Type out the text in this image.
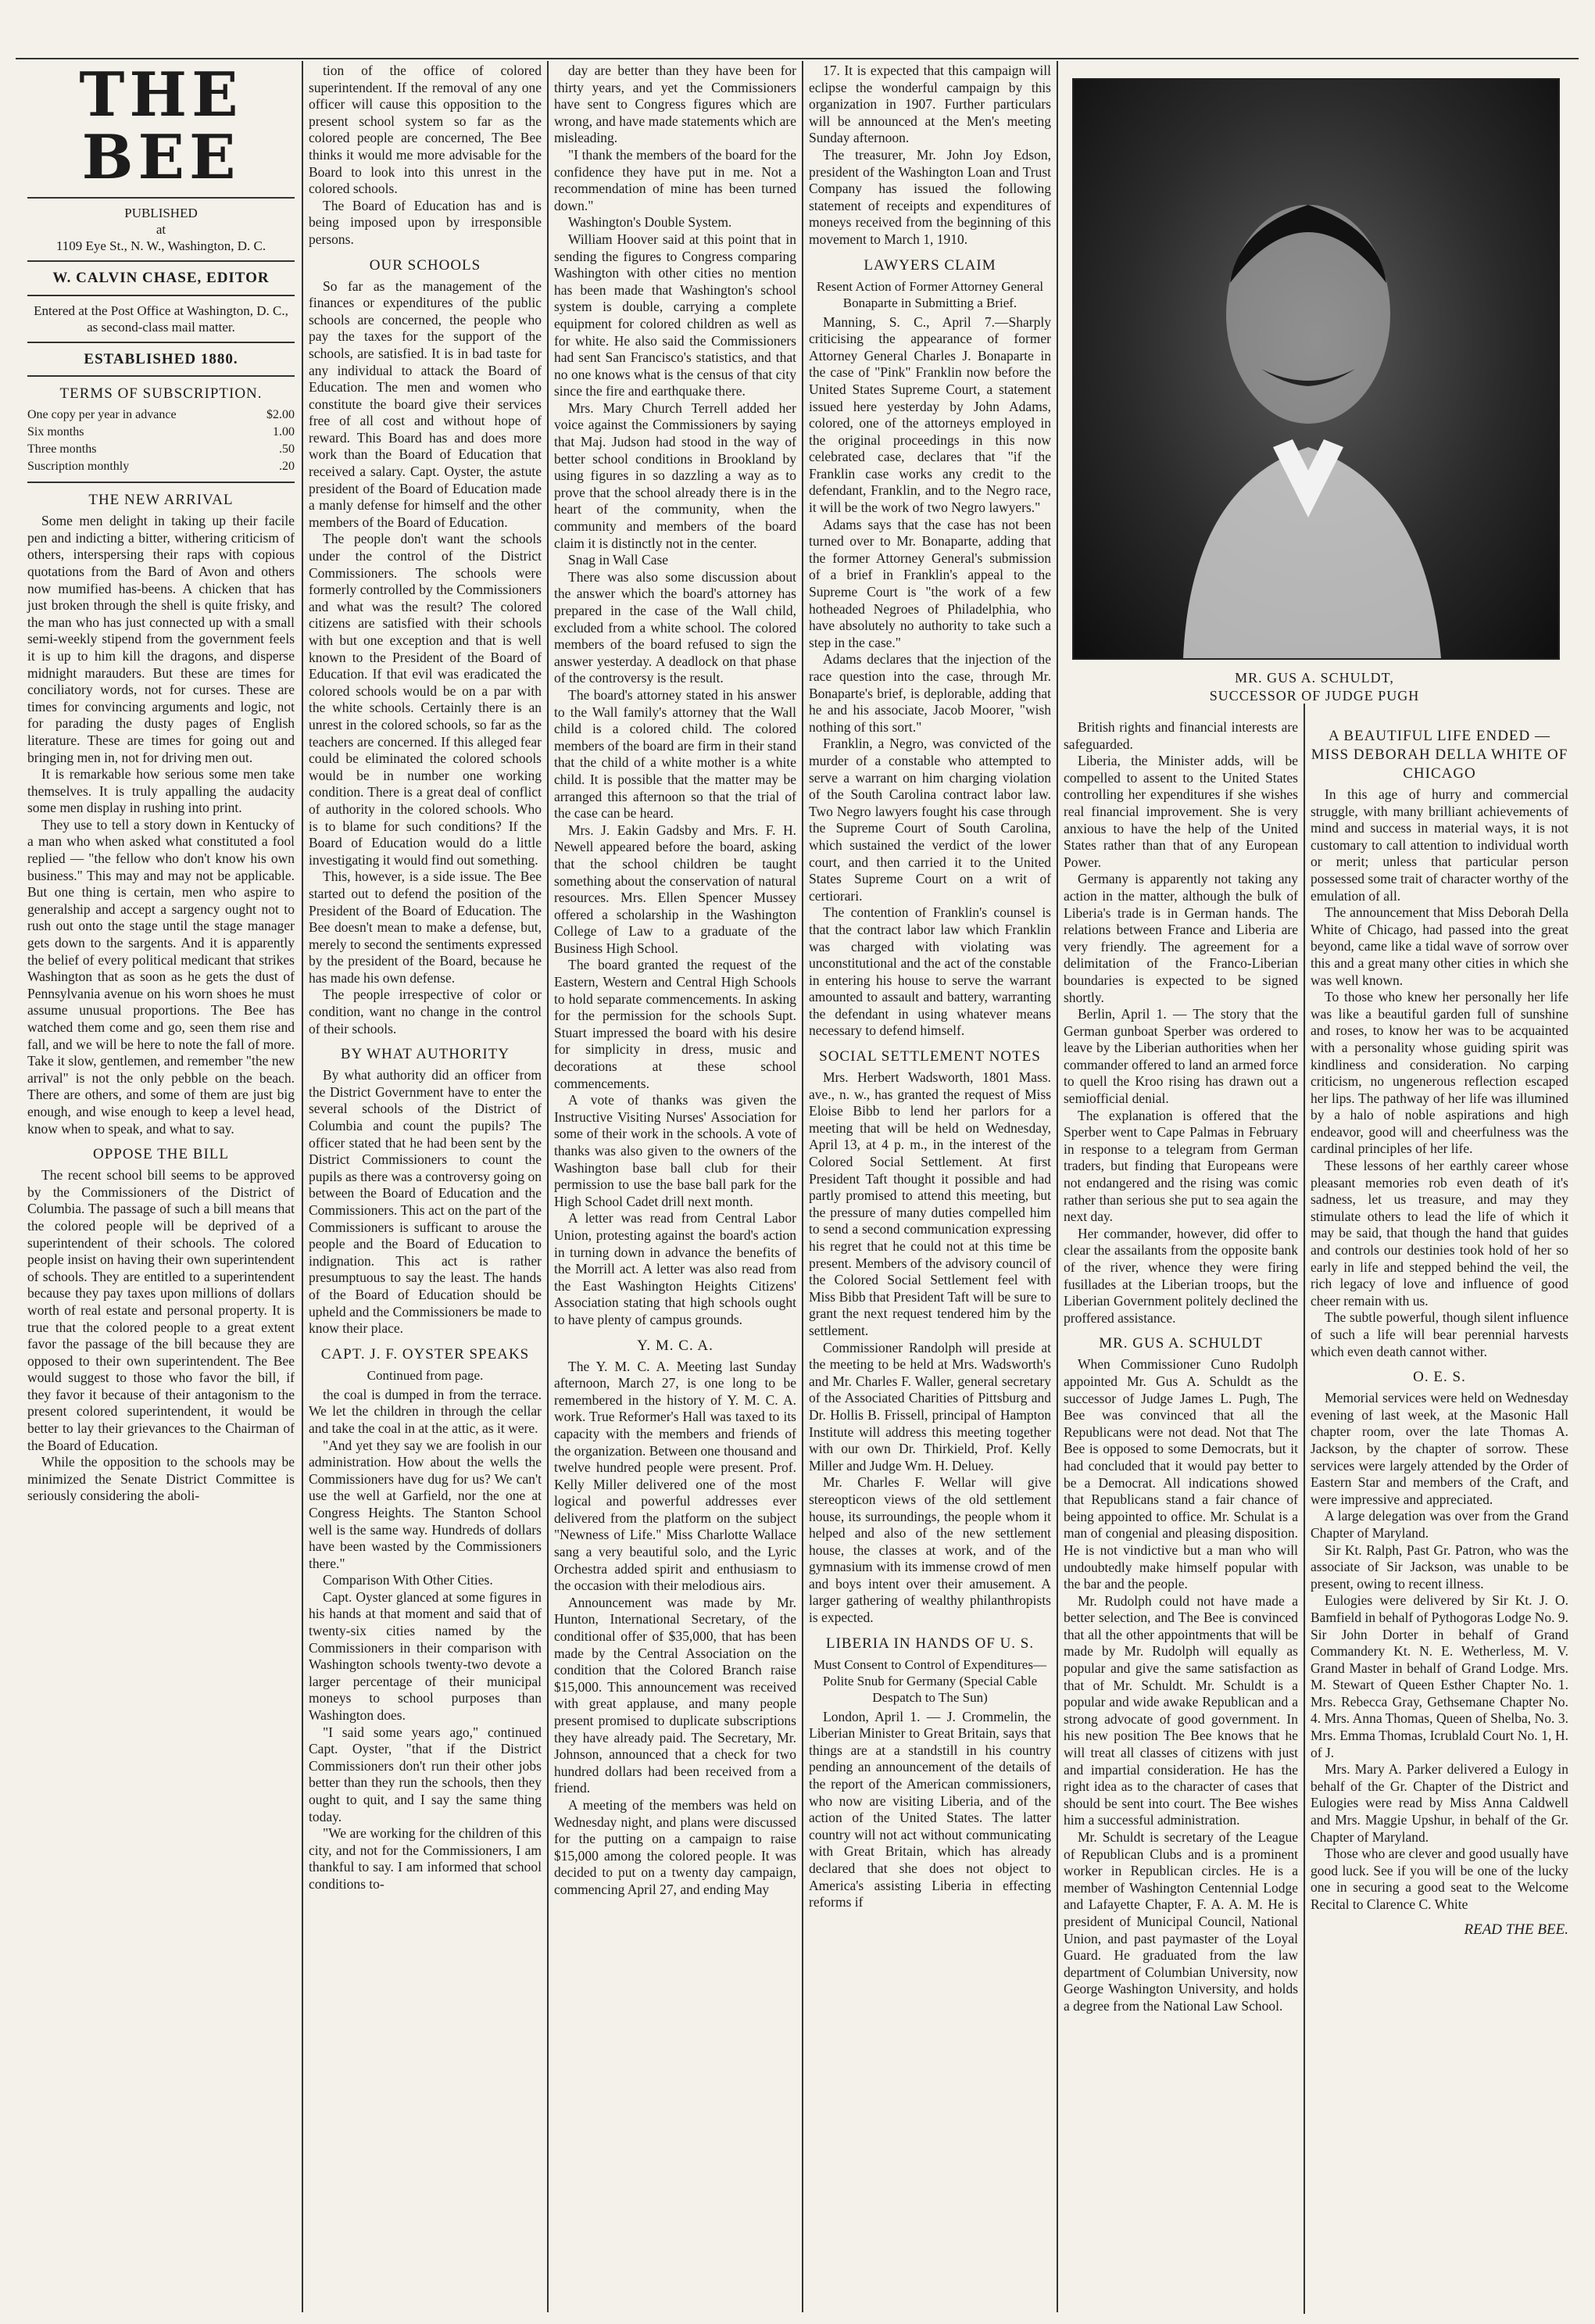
THE BEE
PUBLISHED
at
1109 Eye St., N. W., Washington, D. C.
W. CALVIN CHASE, EDITOR
Entered at the Post Office at Washington, D. C., as second-class mail matter.
ESTABLISHED 1880.
TERMS OF SUBSCRIPTION.
One copy per year in advance	$2.00
Six months	1.00
Three months	.50
Suscription monthly	.20
THE NEW ARRIVAL

Some men delight in taking up their facile pen and indicting a bitter, withering criticism of others, interspersing their raps with copious quotations from the Bard of Avon and others now mumified has-beens. A chicken that has just broken through the shell is quite frisky, and the man who has just connected up with a small semi-weekly stipend from the government feels it is up to him kill the dragons, and disperse midnight marauders. But these are times for conciliatory words, not for curses. These are times for convincing arguments and logic, not for parading the dusty pages of English literature. These are times for going out and bringing men in, not for driving men out.

It is remarkable how serious some men take themselves. It is truly appalling the audacity some men display in rushing into print.

They use to tell a story down in Kentucky of a man who when asked what constituted a fool replied — "the fellow who don't know his own business." This may and may not be applicable. But one thing is certain, men who aspire to generalship and accept a sargency ought not to rush out onto the stage until the stage manager gets down to the sargents. And it is apparently the belief of every political medicant that strikes Washington that as soon as he gets the dust of Pennsylvania avenue on his worn shoes he must assume unusual proportions. The Bee has watched them come and go, seen them rise and fall, and we will be here to note the fall of more. Take it slow, gentlemen, and remember "the new arrival" is not the only pebble on the beach. There are others, and some of them are just big enough, and wise enough to keep a level head, know when to speak, and what to say.

OPPOSE THE BILL

The recent school bill seems to be approved by the Commissioners of the District of Columbia. The passage of such a bill means that the colored people will be deprived of a superintendent of their schools. The colored people insist on having their own superintendent of schools. They are entitled to a superintendent because they pay taxes upon millions of dollars worth of real estate and personal property. It is true that the colored people to a great extent favor the passage of the bill because they are opposed to their own superintendent. The Bee would suggest to those who favor the bill, if they favor it because of their antagonism to the present colored superintendent, it would be better to lay their grievances to the Chairman of the Board of Education.

While the opposition to the schools may be minimized the Senate District Committee is seriously considering the aboli-

tion of the office of colored superintendent. If the removal of any one officer will cause this opposition to the present school system so far as the colored people are concerned, The Bee thinks it would me more advisable for the Board to look into this unrest in the colored schools.

The Board of Education has and is being imposed upon by irresponsible persons.

OUR SCHOOLS

So far as the management of the finances or expenditures of the public schools are concerned, the people who pay the taxes for the support of the schools, are satisfied. It is in bad taste for any individual to attack the Board of Education. The men and women who constitute the board give their services free of all cost and without hope of reward. This Board has and does more work than the Board of Education that received a salary. Capt. Oyster, the astute president of the Board of Education made a manly defense for himself and the other members of the Board of Education.

The people don't want the schools under the control of the District Commissioners. The schools were formerly controlled by the Commissioners and what was the result? The colored citizens are satisfied with their schools with but one exception and that is well known to the President of the Board of Education. If that evil was eradicated the colored schools would be on a par with the white schools. Certainly there is an unrest in the colored schools, so far as the teachers are concerned. If this alleged fear could be eliminated the colored schools would be in number one working condition. There is a great deal of conflict of authority in the colored schools. Who is to blame for such conditions? If the Board of Education would do a little investigating it would find out something.

This, however, is a side issue. The Bee started out to defend the position of the President of the Board of Education. The Bee doesn't mean to make a defense, but, merely to second the sentiments expressed by the president of the Board, because he has made his own defense.

The people irrespective of color or condition, want no change in the control of their schools.

BY WHAT AUTHORITY

By what authority did an officer from the District Government have to enter the several schools of the District of Columbia and count the pupils? The officer stated that he had been sent by the District Commissioners to count the pupils as there was a controversy going on between the Board of Education and the Commissioners. This act on the part of the Commissioners is sufficant to arouse the people and the Board of Education to indignation. This act is rather presumptuous to say the least. The hands of the Board of Education should be upheld and the Commissioners be made to know their place.

CAPT. J. F. OYSTER SPEAKS
Continued from page.

the coal is dumped in from the terrace. We let the children in through the cellar and take the coal in at the attic, as it were.

"And yet they say we are foolish in our administration. How about the wells the Commissioners have dug for us? We can't use the well at Garfield, nor the one at Congress Heights. The Stanton School well is the same way. Hundreds of dollars have been wasted by the Commissioners there."

Comparison With Other Cities.

Capt. Oyster glanced at some figures in his hands at that moment and said that of twenty-six cities named by the Commissioners in their comparison with Washington schools twenty-two devote a larger percentage of their municipal moneys to school purposes than Washington does.

"I said some years ago," continued Capt. Oyster, "that if the District Commissioners don't run their other jobs better than they run the schools, then they ought to quit, and I say the same thing today.

"We are working for the children of this city, and not for the Commissioners, I am thankful to say. I am informed that school conditions to-

day are better than they have been for thirty years, and yet the Commissioners have sent to Congress figures which are wrong, and have made statements which are misleading.

"I thank the members of the board for the confidence they have put in me. Not a recommendation of mine has been turned down."

Washington's Double System.

William Hoover said at this point that in sending the figures to Congress comparing Washington with other cities no mention has been made that Washington's school system is double, carrying a complete equipment for colored children as well as for white. He also said the Commissioners had sent San Francisco's statistics, and that no one knows what is the census of that city since the fire and earthquake there.

Mrs. Mary Church Terrell added her voice against the Commissioners by saying that Maj. Judson had stood in the way of better school conditions in Brookland by using figures in so dazzling a way as to prove that the school already there is in the heart of the community, when the community and members of the board claim it is distinctly not in the center.

Snag in Wall Case

There was also some discussion about the answer which the board's attorney has prepared in the case of the Wall child, excluded from a white school. The colored members of the board refused to sign the answer yesterday. A deadlock on that phase of the controversy is the result.

The board's attorney stated in his answer to the Wall family's attorney that the Wall child is a colored child. The colored members of the board are firm in their stand that the child of a white mother is a white child. It is possible that the matter may be arranged this afternoon so that the trial of the case can be heard.

Mrs. J. Eakin Gadsby and Mrs. F. H. Newell appeared before the board, asking that the school children be taught something about the conservation of natural resources. Mrs. Ellen Spencer Mussey offered a scholarship in the Washington College of Law to a graduate of the Business High School.

The board granted the request of the Eastern, Western and Central High Schools to hold separate commencements. In asking for the permission for the schools Supt. Stuart impressed the board with his desire for simplicity in dress, music and decorations at these school commencements.

A vote of thanks was given the Instructive Visiting Nurses' Association for some of their work in the schools. A vote of thanks was also given to the owners of the Washington base ball club for their permission to use the base ball park for the High School Cadet drill next month.

A letter was read from Central Labor Union, protesting against the board's action in turning down in advance the benefits of the Morrill act. A letter was also read from the East Washington Heights Citizens' Association stating that high schools ought to have plenty of campus grounds.

Y. M. C. A.

The Y. M. C. A. Meeting last Sunday afternoon, March 27, is one long to be remembered in the history of Y. M. C. A. work. True Reformer's Hall was taxed to its capacity with the members and friends of the organization. Between one thousand and twelve hundred people were present. Prof. Kelly Miller delivered one of the most logical and powerful addresses ever delivered from the platform on the subject "Newness of Life." Miss Charlotte Wallace sang a very beautiful solo, and the Lyric Orchestra added spirit and enthusiasm to the occasion with their melodious airs.

Announcement was made by Mr. Hunton, International Secretary, of the conditional offer of $35,000, that has been made by the Central Association on the condition that the Colored Branch raise $15,000. This announcement was received with great applause, and many people present promised to duplicate subscriptions they have already paid. The Secretary, Mr. Johnson, announced that a check for two hundred dollars had been received from a friend.

A meeting of the members was held on Wednesday night, and plans were discussed for the putting on a campaign to raise $15,000 among the colored people. It was decided to put on a twenty day campaign, commencing April 27, and ending May

17. It is expected that this campaign will eclipse the wonderful campaign by this organization in 1907. Further particulars will be announced at the Men's meeting Sunday afternoon.

The treasurer, Mr. John Joy Edson, president of the Washington Loan and Trust Company has issued the following statement of receipts and expenditures of moneys received from the beginning of this movement to March 1, 1910.

LAWYERS CLAIM
Resent Action of Former Attorney General Bonaparte in Submitting a Brief.

Manning, S. C., April 7.—Sharply criticising the appearance of former Attorney General Charles J. Bonaparte in the case of "Pink" Franklin now before the United States Supreme Court, a statement issued here yesterday by John Adams, colored, one of the attorneys employed in the original proceedings in this now celebrated case, declares that "if the Franklin case works any credit to the defendant, Franklin, and to the Negro race, it will be the work of two Negro lawyers."

Adams says that the case has not been turned over to Mr. Bonaparte, adding that the former Attorney General's submission of a brief in Franklin's appeal to the Supreme Court is "the work of a few hotheaded Negroes of Philadelphia, who have absolutely no authority to take such a step in the case."

Adams declares that the injection of the race question into the case, through Mr. Bonaparte's brief, is deplorable, adding that he and his associate, Jacob Moorer, "wish nothing of this sort."

Franklin, a Negro, was convicted of the murder of a constable who attempted to serve a warrant on him charging violation of the South Carolina contract labor law. Two Negro lawyers fought his case through the Supreme Court of South Carolina, which sustained the verdict of the lower court, and then carried it to the United States Supreme Court on a writ of certiorari.

The contention of Franklin's counsel is that the contract labor law which Franklin was charged with violating was unconstitutional and the act of the constable in entering his house to serve the warrant amounted to assault and battery, warranting the defendant in using whatever means necessary to defend himself.

SOCIAL SETTLEMENT NOTES

Mrs. Herbert Wadsworth, 1801 Mass. ave., n. w., has granted the request of Miss Eloise Bibb to lend her parlors for a meeting that will be held on Wednesday, April 13, at 4 p. m., in the interest of the Colored Social Settlement. At first President Taft thought it possible and had partly promised to attend this meeting, but the pressure of many duties compelled him to send a second communication expressing his regret that he could not at this time be present. Members of the advisory council of the Colored Social Settlement feel with Miss Bibb that President Taft will be sure to grant the next request tendered him by the settlement.

Commissioner Randolph will preside at the meeting to be held at Mrs. Wadsworth's and Mr. Charles F. Waller, general secretary of the Associated Charities of Pittsburg and Dr. Hollis B. Frissell, principal of Hampton Institute will address this meeting together with our own Dr. Thirkield, Prof. Kelly Miller and Judge Wm. H. Deluey.

Mr. Charles F. Wellar will give stereopticon views of the old settlement house, its surroundings, the people whom it helped and also of the new settlement house, the classes at work, and of the gymnasium with its immense crowd of men and boys intent over their amusement. A larger gathering of wealthy philanthropists is expected.

LIBERIA IN HANDS OF U. S.
Must Consent to Control of Expenditures—Polite Snub for Germany (Special Cable Despatch to The Sun)

London, April 1. — J. Crommelin, the Liberian Minister to Great Britain, says that things are at a standstill in his country pending an announcement of the details of the report of the American commissioners, who now are visiting Liberia, and of the action of the United States. The latter country will not act without communicating with Great Britain, which has already declared that she does not object to America's assisting Liberia in effecting reforms if

MR. GUS A. SCHULDT,
SUCCESSOR OF JUDGE PUGH

British rights and financial interests are safeguarded.

Liberia, the Minister adds, will be compelled to assent to the United States controlling her expenditures if she wishes real financial improvement. She is very anxious to have the help of the United States rather than that of any European Power.

Germany is apparently not taking any action in the matter, although the bulk of Liberia's trade is in German hands. The relations between France and Liberia are very friendly. The agreement for a delimitation of the Franco-Liberian boundaries is expected to be signed shortly.

Berlin, April 1. — The story that the German gunboat Sperber was ordered to leave by the Liberian authorities when her commander offered to land an armed force to quell the Kroo rising has drawn out a semiofficial denial.

The explanation is offered that the Sperber went to Cape Palmas in February in response to a telegram from German traders, but finding that Europeans were not endangered and the rising was comic rather than serious she put to sea again the next day.

Her commander, however, did offer to clear the assailants from the opposite bank of the river, whence they were firing fusillades at the Liberian troops, but the Liberian Government politely declined the proffered assistance.

MR. GUS A. SCHULDT

When Commissioner Cuno Rudolph appointed Mr. Gus A. Schuldt as the successor of Judge James L. Pugh, The Bee was convinced that all the Republicans were not dead. Not that The Bee is opposed to some Democrats, but it had concluded that it would pay better to be a Democrat. All indications showed that Republicans stand a fair chance of being appointed to office. Mr. Schulat is a man of congenial and pleasing disposition. He is not vindictive but a man who will undoubtedly make himself popular with the bar and the people.

Mr. Rudolph could not have made a better selection, and The Bee is convinced that all the other appointments that will be made by Mr. Rudolph will equally as popular and give the same satisfaction as that of Mr. Schuldt. Mr. Schuldt is a popular and wide awake Republican and a strong advocate of good government. In his new position The Bee knows that he will treat all classes of citizens with just and impartial consideration. He has the right idea as to the character of cases that should be sent into court. The Bee wishes him a successful administration.

Mr. Schuldt is secretary of the League of Republican Clubs and is a prominent worker in Republican circles. He is a member of Washington Centennial Lodge and Lafayette Chapter, F. A. A. M. He is president of Municipal Council, National Union, and past paymaster of the Loyal Guard. He graduated from the law department of Columbian University, now George Washington University, and holds a degree from the National Law School.

A BEAUTIFUL LIFE ENDED — MISS DEBORAH DELLA WHITE OF CHICAGO

In this age of hurry and commercial struggle, with many brilliant achievements of mind and success in material ways, it is not customary to call attention to individual worth or merit; unless that particular person possessed some trait of character worthy of the emulation of all.

The announcement that Miss Deborah Della White of Chicago, had passed into the great beyond, came like a tidal wave of sorrow over this and a great many other cities in which she was well known.

To those who knew her personally her life was like a beautiful garden full of sunshine and roses, to know her was to be acquainted with a personality whose guiding spirit was kindliness and consideration. No carping criticism, no ungenerous reflection escaped her lips. The pathway of her life was illumined by a halo of noble aspirations and high endeavor, good will and cheerfulness was the cardinal principles of her life.

These lessons of her earthly career whose pleasant memories rob even death of it's sadness, let us treasure, and may they stimulate others to lead the life of which it may be said, that though the hand that guides and controls our destinies took hold of her so early in life and stepped behind the veil, the rich legacy of love and influence of good cheer remain with us.

The subtle powerful, though silent influence of such a life will bear perennial harvests which even death cannot wither.

O. E. S.

Memorial services were held on Wednesday evening of last week, at the Masonic Hall chapter room, over the late Thomas A. Jackson, by the chapter of sorrow. These services were largely attended by the Order of Eastern Star and members of the Craft, and were impressive and appreciated.

A large delegation was over from the Grand Chapter of Maryland.

Sir Kt. Ralph, Past Gr. Patron, who was the associate of Sir Jackson, was unable to be present, owing to recent illness.

Eulogies were delivered by Sir Kt. J. O. Bamfield in behalf of Pythogoras Lodge No. 9. Sir John Dorter in behalf of Grand Commandery Kt. N. E. Wetherless, M. V. Grand Master in behalf of Grand Lodge. Mrs. M. Stewart of Queen Esther Chapter No. 1. Mrs. Rebecca Gray, Gethsemane Chapter No. 4. Mrs. Anna Thomas, Queen of Shelba, No. 3. Mrs. Emma Thomas, Icrublald Court No. 1, H. of J.

Mrs. Mary A. Parker delivered a Eulogy in behalf of the Gr. Chapter of the District and Eulogies were read by Miss Anna Caldwell and Mrs. Maggie Upshur, in behalf of the Gr. Chapter of Maryland.

Those who are clever and good usually have good luck. See if you will be one of the lucky one in securing a good seat to the Welcome Recital to Clarence C. White

READ THE BEE.
